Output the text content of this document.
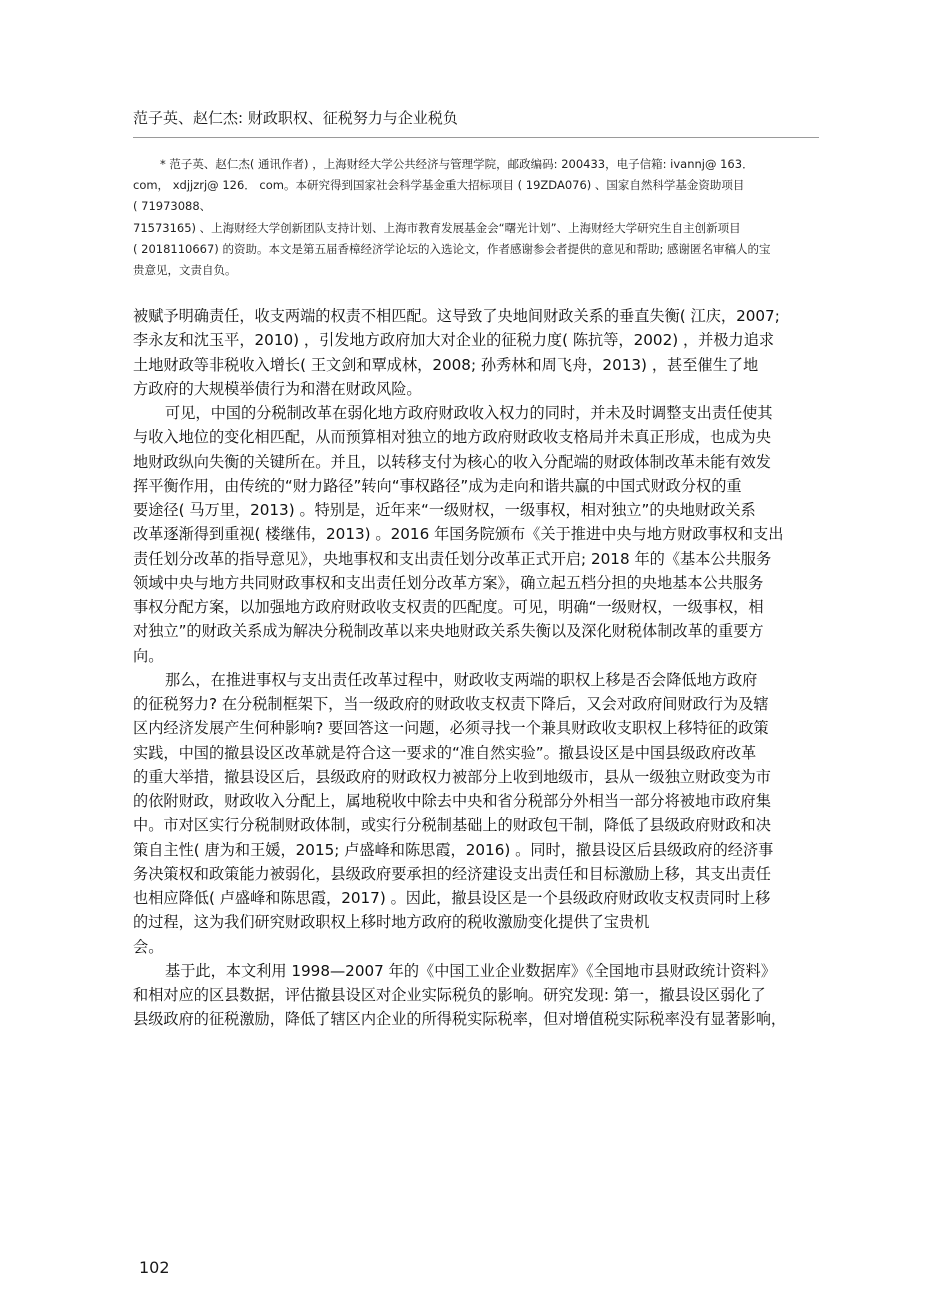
范子英、赵仁杰: 财政职权、征税努力与企业税负
* 范子英、赵仁杰( 通讯作者) ，上海财经大学公共经济与管理学院，邮政编码: 200433，电子信箱: ivannj@ 163．
com， xdjjzrj@ 126． com。本研究得到国家社会科学基金重大招标项目 ( 19ZDA076) 、国家自然科学基金资助项目
( 71973088、
71573165) 、上海财经大学创新团队支持计划、上海市教育发展基金会“曙光计划”、上海财经大学研究生自主创新项目
( 2018110667) 的资助。本文是第五届香樟经济学论坛的入选论文，作者感谢参会者提供的意见和帮助; 感谢匿名审稿人的宝
贵意见，文责自负。
被赋予明确责任，收支两端的权责不相匹配。这导致了央地间财政关系的垂直失衡( 江庆，2007;
李永友和沈玉平，2010) ，引发地方政府加大对企业的征税力度( 陈抗等，2002) ，并极力追求
土地财政等非税收入增长( 王文剑和覃成林，2008; 孙秀林和周飞舟，2013) ，甚至催生了地
方政府的大规模举债行为和潜在财政风险。
可见，中国的分税制改革在弱化地方政府财政收入权力的同时，并未及时调整支出责任使其
与收入地位的变化相匹配，从而预算相对独立的地方政府财政收支格局并未真正形成，也成为央
地财政纵向失衡的关键所在。并且，以转移支付为核心的收入分配端的财政体制改革未能有效发
挥平衡作用，由传统的“财力路径”转向“事权路径”成为走向和谐共赢的中国式财政分权的重
要途径( 马万里，2013) 。特别是，近年来“一级财权，一级事权，相对独立”的央地财政关系
改革逐渐得到重视( 楼继伟，2013) 。2016 年国务院颁布《关于推进中央与地方财政事权和支出
责任划分改革的指导意见》，央地事权和支出责任划分改革正式开启; 2018 年的《基本公共服务
领域中央与地方共同财政事权和支出责任划分改革方案》，确立起五档分担的央地基本公共服务
事权分配方案，以加强地方政府财政收支权责的匹配度。可见，明确“一级财权，一级事权，相
对独立”的财政关系成为解决分税制改革以来央地财政关系失衡以及深化财税体制改革的重要方
向。
那么，在推进事权与支出责任改革过程中，财政收支两端的职权上移是否会降低地方政府
的征税努力? 在分税制框架下，当一级政府的财政收支权责下降后，又会对政府间财政行为及辖
区内经济发展产生何种影响? 要回答这一问题，必须寻找一个兼具财政收支职权上移特征的政策
实践，中国的撤县设区改革就是符合这一要求的“准自然实验”。撤县设区是中国县级政府改革
的重大举措，撤县设区后，县级政府的财政权力被部分上收到地级市，县从一级独立财政变为市
的依附财政，财政收入分配上，属地税收中除去中央和省分税部分外相当一部分将被地市政府集
中。市对区实行分税制财政体制，或实行分税制基础上的财政包干制，降低了县级政府财政和决
策自主性( 唐为和王媛，2015; 卢盛峰和陈思霞，2016) 。同时，撤县设区后县级政府的经济事
务决策权和政策能力被弱化，县级政府要承担的经济建设支出责任和目标激励上移，其支出责任
也相应降低( 卢盛峰和陈思霞，2017) 。因此，撤县设区是一个县级政府财政收支权责同时上移
的过程，这为我们研究财政职权上移时地方政府的税收激励变化提供了宝贵机
会。
基于此，本文利用 1998—2007 年的《中国工业企业数据库》《全国地市县财政统计资料》
和相对应的区县数据，评估撤县设区对企业实际税负的影响。研究发现: 第一，撤县设区弱化了
县级政府的征税激励，降低了辖区内企业的所得税实际税率，但对增值税实际税率没有显著影响，
102
